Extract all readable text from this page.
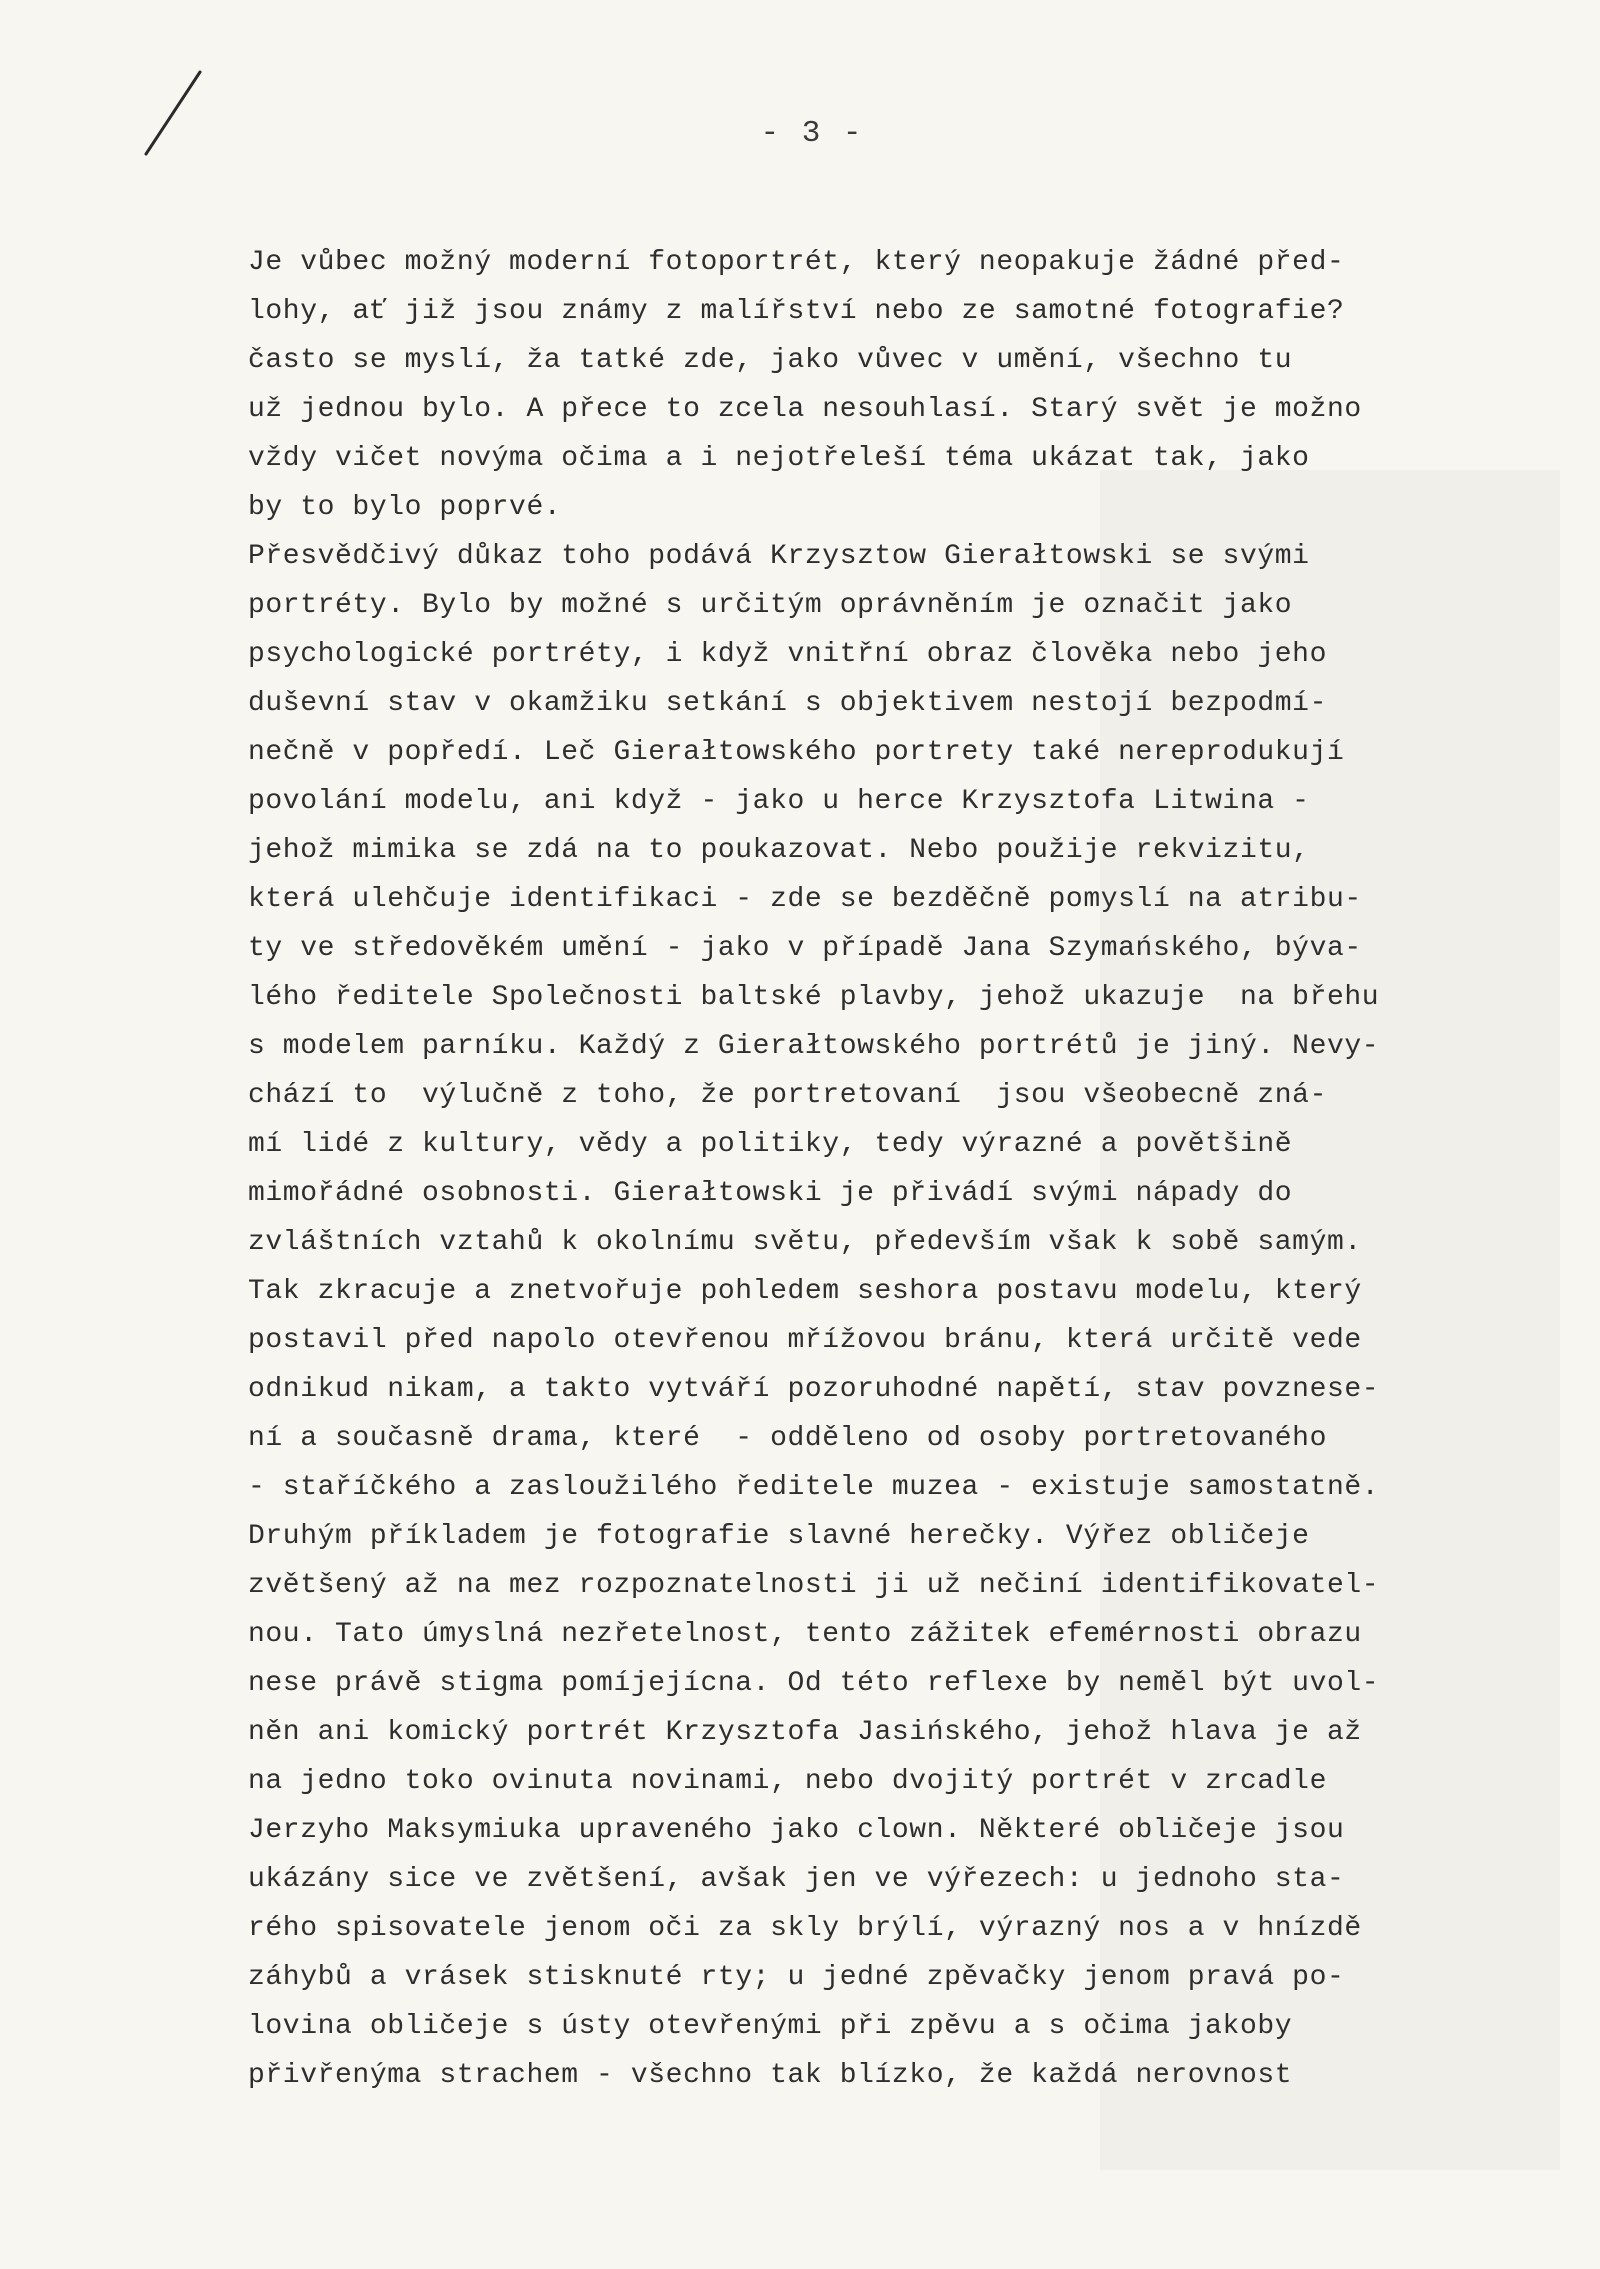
- 3 -
Je vůbec možný moderní fotoportrét, který neopakuje žádné před-
lohy, ať již jsou známy z malířství nebo ze samotné fotografie?
často se myslí, ža tatké zde, jako vůvec v umění, všechno tu
už jednou bylo. A přece to zcela nesouhlasí. Starý svět je možno
vždy vičet novýma očima a i nejotřeleší téma ukázat tak, jako
by to bylo poprvé.
Přesvědčivý důkaz toho podává Krzysztow Gierałtowski se svými
portréty. Bylo by možné s určitým oprávněním je označit jako
psychologické portréty, i když vnitřní obraz člověka nebo jeho
duševní stav v okamžiku setkání s objektivem nestojí bezpodmí-
nečně v popředí. Leč Gierałtowského portrety také nereprodukují
povolání modelu, ani když - jako u herce Krzysztofa Litwina -
jehož mimika se zdá na to poukazovat. Nebo použije rekvizitu,
která ulehčuje identifikaci - zde se bezděčně pomyslí na atribu-
ty ve středověkém umění - jako v případě Jana Szymańského, býva-
lého ředitele Společnosti baltské plavby, jehož ukazuje  na břehu
s modelem parníku. Každý z Gierałtowského portrétů je jiný. Nevy-
chází to  výlučně z toho, že portretovaní  jsou všeobecně zná-
mí lidé z kultury, vědy a politiky, tedy výrazné a povětšině
mimořádné osobnosti. Gierałtowski je přivádí svými nápady do
zvláštních vztahů k okolnímu světu, především však k sobě samým.
Tak zkracuje a znetvořuje pohledem seshora postavu modelu, který
postavil před napolo otevřenou mřížovou bránu, která určitě vede
odnikud nikam, a takto vytváří pozoruhodné napětí, stav povznese-
ní a současně drama, které  - odděleno od osoby portretovaného
- staříčkého a zasloužilého ředitele muzea - existuje samostatně.
Druhým příkladem je fotografie slavné herečky. Výřez obličeje
zvětšený až na mez rozpoznatelnosti ji už nečiní identifikovatel-
nou. Tato úmyslná nezřetelnost, tento zážitek efemérnosti obrazu
nese právě stigma pomíjejícna. Od této reflexe by neměl být uvol-
něn ani komický portrét Krzysztofa Jasińského, jehož hlava je až
na jedno toko ovinuta novinami, nebo dvojitý portrét v zrcadle
Jerzyho Maksymiuka upraveného jako clown. Některé obličeje jsou
ukázány sice ve zvětšení, avšak jen ve výřezech: u jednoho sta-
rého spisovatele jenom oči za skly brýlí, výrazný nos a v hnízdě
záhybů a vrásek stisknuté rty; u jedné zpěvačky jenom pravá po-
lovina obličeje s ústy otevřenými při zpěvu a s očima jakoby
přivřenýma strachem - všechno tak blízko, že každá nerovnost
